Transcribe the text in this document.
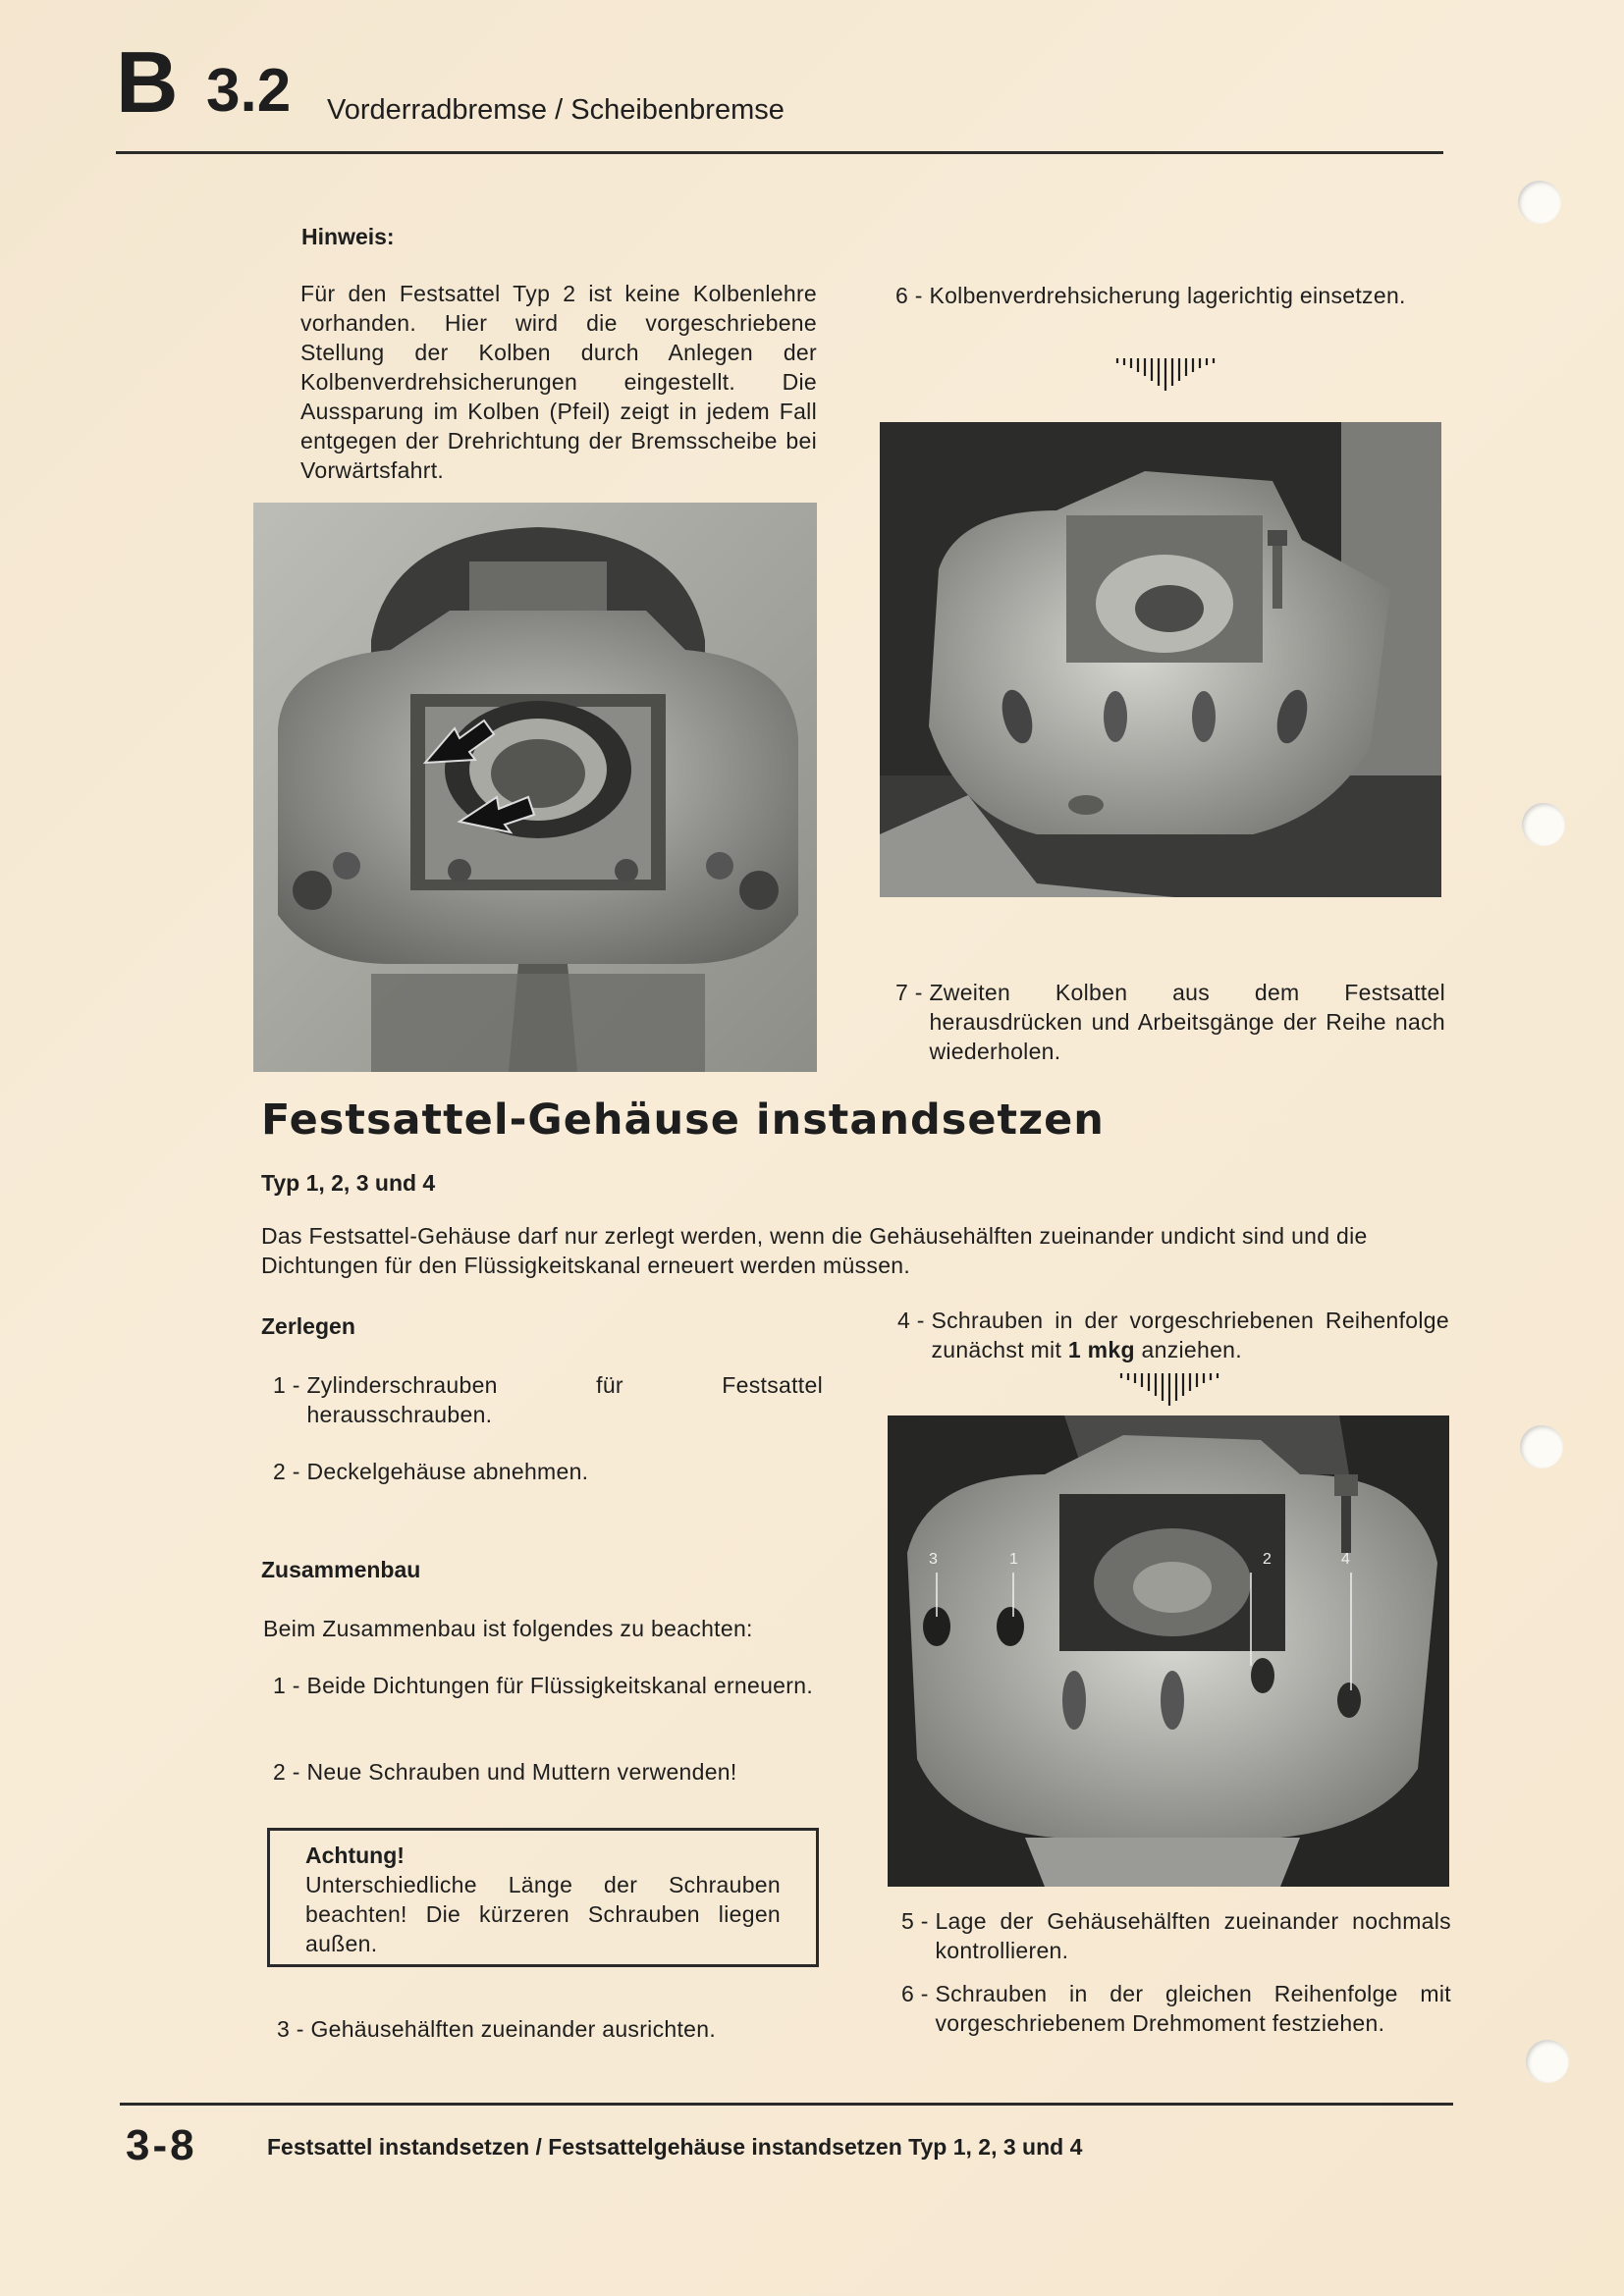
B 3.2 Vorderradbremse / Scheibenbremse
Hinweis:
Für den Festsattel Typ 2 ist keine Kolbenlehre vorhanden. Hier wird die vorgeschriebene Stellung der Kolben durch Anlegen der Kolbenverdrehsicherungen eingestellt. Die Aussparung im Kolben (Pfeil) zeigt in jedem Fall entgegen der Drehrichtung der Bremsscheibe bei Vorwärtsfahrt.
6 - Kolbenverdrehsicherung lagerichtig einsetzen.
7 - Zweiten Kolben aus dem Festsattel herausdrücken und Arbeitsgänge der Reihe nach wiederholen.
Festsattel-Gehäuse instandsetzen
Typ 1, 2, 3 und 4
Das Festsattel-Gehäuse darf nur zerlegt werden, wenn die Gehäusehälften zueinander undicht sind und die Dichtungen für den Flüssigkeitskanal erneuert werden müssen.
Zerlegen
1 - Zylinderschrauben für Festsattel herausschrauben.
2 - Deckelgehäuse abnehmen.
Zusammenbau
Beim Zusammenbau ist folgendes zu beachten:
1 - Beide Dichtungen für Flüssigkeitskanal erneuern.
2 - Neue Schrauben und Muttern verwenden!
Achtung!
Unterschiedliche Länge der Schrauben beachten! Die kürzeren Schrauben liegen außen.
3 - Gehäusehälften zueinander ausrichten.
4 - Schrauben in der vorgeschriebenen Reihenfolge zunächst mit 1 mkg anziehen.
3	1	2	4
5 - Lage der Gehäusehälften zueinander nochmals kontrollieren.
6 - Schrauben in der gleichen Reihenfolge mit vorgeschriebenem Drehmoment festziehen.
3-8	Festsattel instandsetzen / Festsattelgehäuse instandsetzen Typ 1, 2, 3 und 4
